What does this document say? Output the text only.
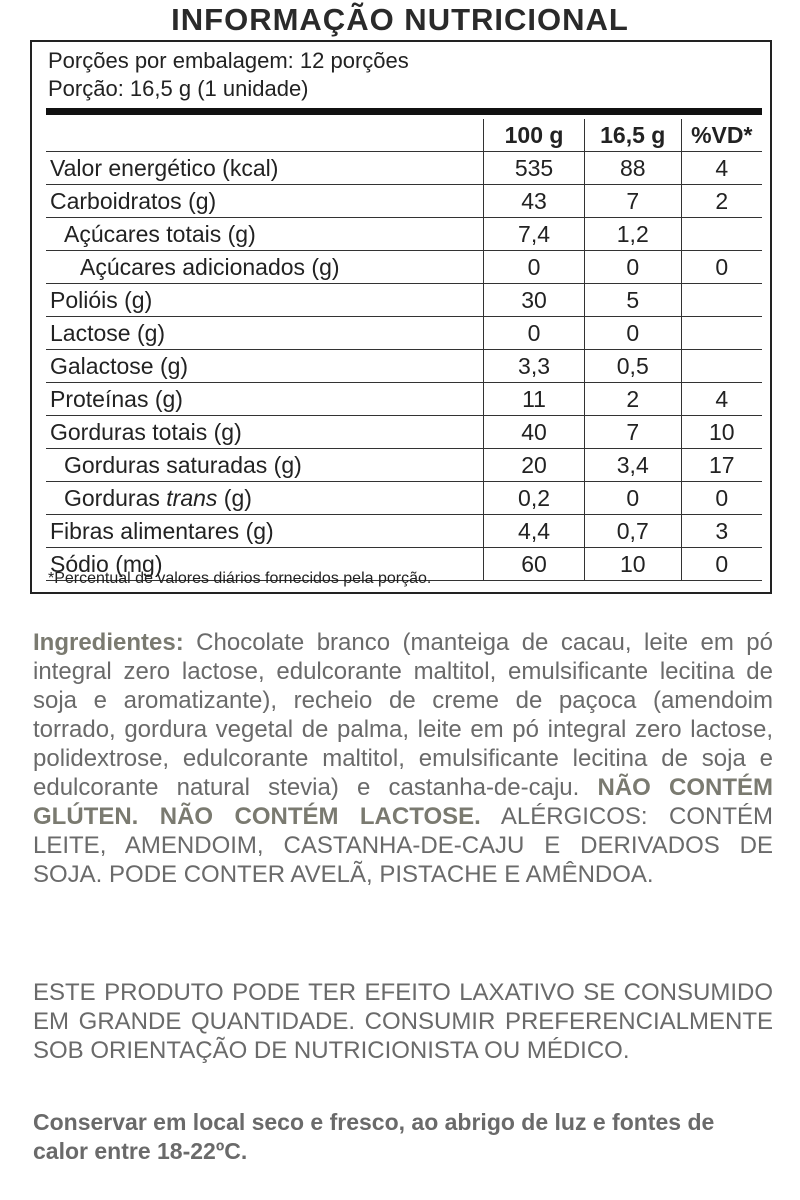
INFORMAÇÃO NUTRICIONAL
Porções por embalagem: 12 porções
Porção: 16,5 g (1 unidade)
	100 g	16,5 g	%VD*
Valor energético (kcal)	535	88	4
Carboidratos (g)	43	7	2
Açúcares totais (g)	7,4	1,2	
Açúcares adicionados (g)	0	0	0
Polióis (g)	30	5	
Lactose (g)	0	0	
Galactose (g)	3,3	0,5	
Proteínas (g)	11	2	4
Gorduras totais (g)	40	7	10
Gorduras saturadas (g)	20	3,4	17
Gorduras trans (g)	0,2	0	0
Fibras alimentares (g)	4,4	0,7	3
Sódio (mg)	60	10	0
*Percentual de valores diários fornecidos pela porção.
Ingredientes: Chocolate branco (manteiga de cacau, leite em pó integral zero lactose, edulcorante maltitol, emulsificante lecitina de soja e aromatizante), recheio de creme de paçoca (amendoim torrado, gordura vegetal de palma, leite em pó integral zero lactose, polidextrose, edulcorante maltitol, emulsificante lecitina de soja e edulcorante natural stevia) e castanha-de-caju. NÃO CONTÉM GLÚTEN. NÃO CONTÉM LACTOSE. ALÉRGICOS: CONTÉM LEITE, AMENDOIM, CASTANHA-DE-CAJU E DERIVADOS DE SOJA. PODE CONTER AVELÃ, PISTACHE E AMÊNDOA.
ESTE PRODUTO PODE TER EFEITO LAXATIVO SE CONSUMIDO EM GRANDE QUANTIDADE. CONSUMIR PREFERENCIALMENTE SOB ORIENTAÇÃO DE NUTRICIONISTA OU MÉDICO.
Conservar em local seco e fresco, ao abrigo de luz e fontes de calor entre 18-22ºC.
